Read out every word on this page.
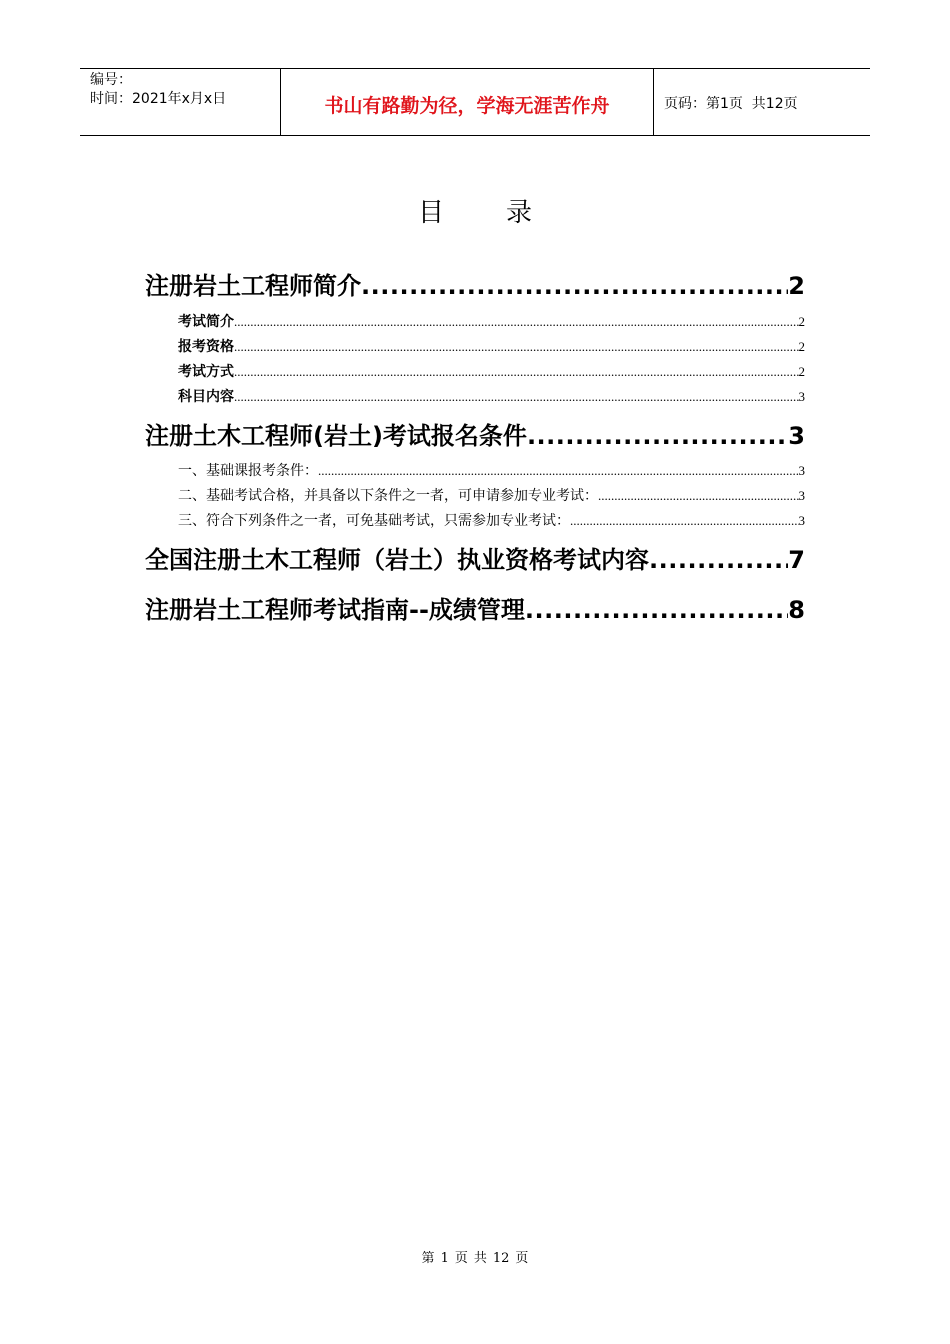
编号：
时间：2021年x月x日	书山有路勤为径，学海无涯苦作舟	页码：第1页  共12页
目 录
注册岩土工程师简介 .....	2
考试简介 .....	2
报考资格 .....	2
考试方式 .....	2
科目内容 .....	3
注册土木工程师(岩土)考试报名条件 .....	3
一、基础课报考条件： .....	3
二、基础考试合格，并具备以下条件之一者，可申请参加专业考试： .....	3
三、符合下列条件之一者，可免基础考试，只需参加专业考试： .....	3
全国注册土木工程师（岩土）执业资格考试内容 .....	7
注册岩土工程师考试指南--成绩管理 .....	8
第 1 页 共 12 页
